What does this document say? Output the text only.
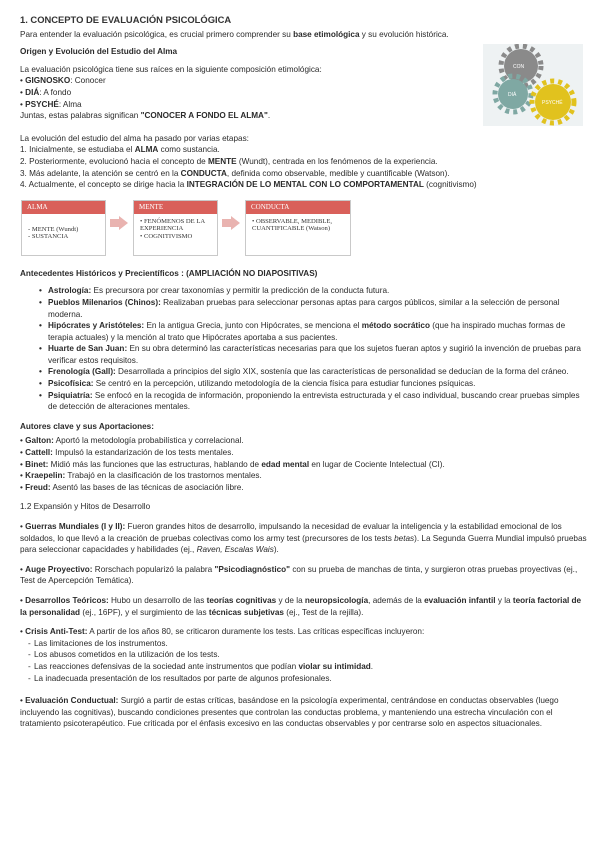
1. CONCEPTO DE EVALUACIÓN PSICOLÓGICA

Para entender la evaluación psicológica, es crucial primero comprender su base etimológica y su evolución histórica.

Origen y Evolución del Estudio del Alma

La evaluación psicológica tiene sus raíces en la siguiente composición etimológica:

• GIGNOSKO: Conocer

• DIÁ: A fondo

• PSYCHÉ: Alma

Juntas, estas palabras significan "CONOCER A FONDO EL ALMA".

La evolución del estudio del alma ha pasado por varias etapas:

1. Inicialmente, se estudiaba el ALMA como sustancia.

2. Posteriormente, evolucionó hacia el concepto de MENTE (Wundt), centrada en los fenómenos de la experiencia.

3. Más adelante, la atención se centró en la CONDUCTA, definida como observable, medible y cuantificable (Watson).

4. Actualmente, el concepto se dirige hacia la INTEGRACIÓN DE LO MENTAL CON LO COMPORTAMENTAL (cognitivismo)

ALMA
- MENTE (Wundt)
- SUSTANCIA
MENTE
• FENÓMENOS DE LA EXPERIENCIA
• COGNITIVISMO
CONDUCTA
• OBSERVABLE, MEDIBLE, CUANTIFICABLE (Watson)
Antecedentes Históricos y Precientíficos : (AMPLIACIÓN NO DIAPOSITIVAS)

• Astrología: Es precursora por crear taxonomías y permitir la predicción de la conducta futura.

• Pueblos Milenarios (Chinos): Realizaban pruebas para seleccionar personas aptas para cargos públicos, similar a la selección de personal moderna.

• Hipócrates y Aristóteles: En la antigua Grecia, junto con Hipócrates, se menciona el método socrático (que ha inspirado muchas formas de terapia actuales) y la mención al trato que Hipócrates aportaba a sus pacientes.

• Huarte de San Juan: En su obra determinó las características necesarias para que los sujetos fueran aptos y sugirió la invención de pruebas para verificar estos requisitos.

• Frenología (Gall): Desarrollada a principios del siglo XIX, sostenía que las características de personalidad se deducían de la forma del cráneo.

• Psicofísica: Se centró en la percepción, utilizando metodología de la ciencia física para estudiar funciones psíquicas.

• Psiquiatría: Se enfocó en la recogida de información, proponiendo la entrevista estructurada y el caso individual, buscando crear pruebas simples de detección de alteraciones mentales.

Autores clave y sus Aportaciones:

• Galton: Aportó la metodología probabilística y correlacional.

• Cattell: Impulsó la estandarización de los tests mentales.

• Binet: Midió más las funciones que las estructuras, hablando de edad mental en lugar de Cociente Intelectual (CI).

• Kraepelin: Trabajó en la clasificación de los trastornos mentales.

• Freud: Asentó las bases de las técnicas de asociación libre.

1.2 Expansión y Hitos de Desarrollo

• Guerras Mundiales (I y II): Fueron grandes hitos de desarrollo, impulsando la necesidad de evaluar la inteligencia y la estabilidad emocional de los soldados, lo que llevó a la creación de pruebas colectivas como los army test (precursores de los tests betas). La Segunda Guerra Mundial impulsó pruebas para seleccionar capacidades y habilidades (ej., Raven, Escalas Wais).

• Auge Proyectivo: Rorschach popularizó la palabra "Psicodiagnóstico" con su prueba de manchas de tinta, y surgieron otras pruebas proyectivas (ej., Test de Apercepción Temática).

• Desarrollos Teóricos: Hubo un desarrollo de las teorías cognitivas y de la neuropsicología, además de la evaluación infantil y la teoría factorial de la personalidad (ej., 16PF), y el surgimiento de las técnicas subjetivas (ej., Test de la rejilla).

• Crisis Anti-Test: A partir de los años 80, se criticaron duramente los tests. Las críticas específicas incluyeron:

- Las limitaciones de los instrumentos.

- Los abusos cometidos en la utilización de los tests.

- Las reacciones defensivas de la sociedad ante instrumentos que podían violar su intimidad.

- La inadecuada presentación de los resultados por parte de algunos profesionales.

• Evaluación Conductual: Surgió a partir de estas críticas, basándose en la psicología experimental, centrándose en conductas observables (luego incluyendo las cognitivas), buscando condiciones presentes que controlan las conductas problema, y manteniendo una estrecha vinculación con el tratamiento psicoterapéutico. Fue criticada por el énfasis excesivo en las conductas observables y por centrarse solo en aspectos situacionales.

CON
DIÁ
PSYCHÉ
